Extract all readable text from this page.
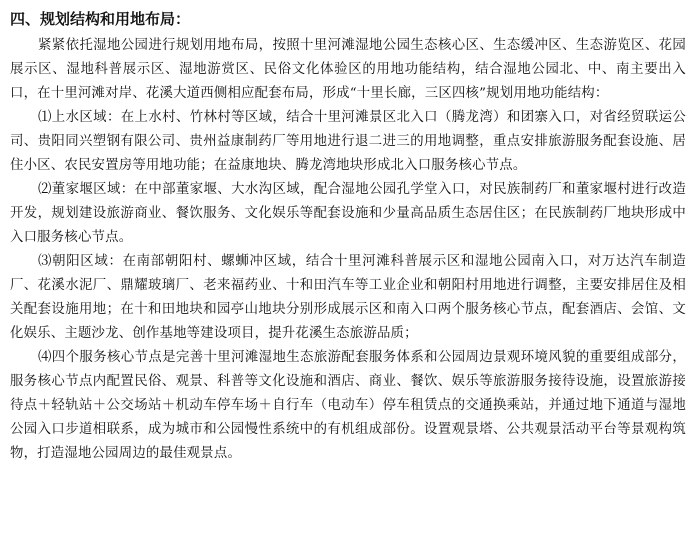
四、规划结构和用地布局：

紧紧依托湿地公园进行规划用地布局，按照十里河滩湿地公园生态核心区、生态缓冲区、生态游览区、花园展示区、湿地科普展示区、湿地游赏区、民俗文化体验区的用地功能结构，结合湿地公园北、中、南主要出入口，在十里河滩对岸、花溪大道西侧相应配套布局，形成“十里长廊，三区四核”规划用地功能结构：

⑴上水区域：在上水村、竹林村等区域，结合十里河滩景区北入口（腾龙湾）和团寨入口，对省经贸联运公司、贵阳同兴塑钢有限公司、贵州益康制药厂等用地进行退二进三的用地调整，重点安排旅游服务配套设施、居住小区、农民安置房等用地功能；在益康地块、腾龙湾地块形成北入口服务核心节点。

⑵董家堰区域：在中部董家堰、大水沟区域，配合湿地公园孔学堂入口，对民族制药厂和董家堰村进行改造开发，规划建设旅游商业、餐饮服务、文化娱乐等配套设施和少量高品质生态居住区；在民族制药厂地块形成中入口服务核心节点。

⑶朝阳区域：在南部朝阳村、螺蛳冲区域，结合十里河滩科普展示区和湿地公园南入口，对万达汽车制造厂、花溪水泥厂、鼎耀玻璃厂、老来福药业、十和田汽车等工业企业和朝阳村用地进行调整，主要安排居住及相关配套设施用地；在十和田地块和园亭山地块分别形成展示区和南入口两个服务核心节点，配套酒店、会馆、文化娱乐、主题沙龙、创作基地等建设项目，提升花溪生态旅游品质；

⑷四个服务核心节点是完善十里河滩湿地生态旅游配套服务体系和公园周边景观环境风貌的重要组成部分，服务核心节点内配置民俗、观景、科普等文化设施和酒店、商业、餐饮、娱乐等旅游服务接待设施，设置旅游接待点＋轻轨站＋公交场站＋机动车停车场＋自行车（电动车）停车租赁点的交通换乘站，并通过地下通道与湿地公园入口步道相联系，成为城市和公园慢性系统中的有机组成部份。设置观景塔、公共观景活动平台等景观构筑物，打造湿地公园周边的最佳观景点。
